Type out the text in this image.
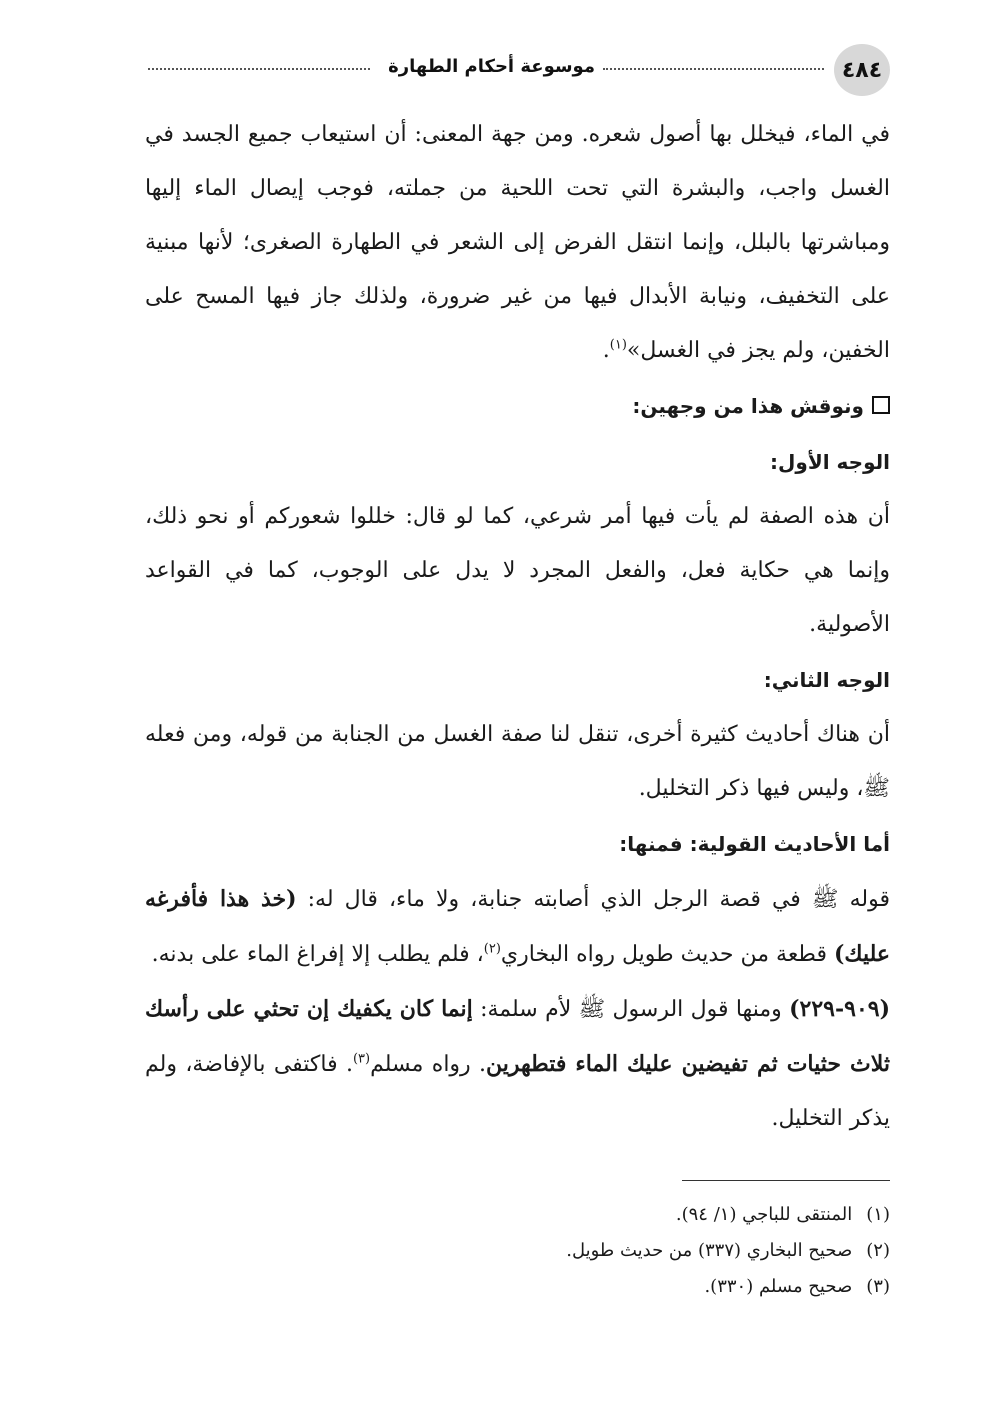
٤٨٤
موسوعة أحكام الطهارة

في الماء، فيخلل بها أصول شعره. ومن جهة المعنى: أن استيعاب جميع الجسد في الغسل واجب، والبشرة التي تحت اللحية من جملته، فوجب إيصال الماء إليها ومباشرتها بالبلل، وإنما انتقل الفرض إلى الشعر في الطهارة الصغرى؛ لأنها مبنية على التخفيف، ونيابة الأبدال فيها من غير ضرورة، ولذلك جاز فيها المسح على الخفين، ولم يجز في الغسل»$^{(١)}$.

ونوقش هذا من وجهين:

الوجه الأول:

أن هذه الصفة لم يأت فيها أمر شرعي، كما لو قال: خللوا شعوركم أو نحو ذلك، وإنما هي حكاية فعل، والفعل المجرد لا يدل على الوجوب، كما في القواعد الأصولية.

الوجه الثاني:

أن هناك أحاديث كثيرة أخرى، تنقل لنا صفة الغسل من الجنابة من قوله، ومن فعله ﷺ، وليس فيها ذكر التخليل.

أما الأحاديث القولية: فمنها:

قوله ﷺ في قصة الرجل الذي أصابته جنابة، ولا ماء، قال له: (خذ هذا فأفرغه عليك) قطعة من حديث طويل رواه البخاري$^{(٢)}$، فلم يطلب إلا إفراغ الماء على بدنه.

(٩٠٩-٢٢٩) ومنها قول الرسول ﷺ لأم سلمة: إنما كان يكفيك إن تحثي على رأسك ثلاث حثيات ثم تفيضين عليك الماء فتطهرين. رواه مسلم$^{(٣)}$. فاكتفى بالإفاضة، ولم يذكر التخليل.

(١)المنتقى للباجي (١/ ٩٤).

(٢)صحيح البخاري (٣٣٧) من حديث طويل.

(٣)صحيح مسلم (٣٣٠).
